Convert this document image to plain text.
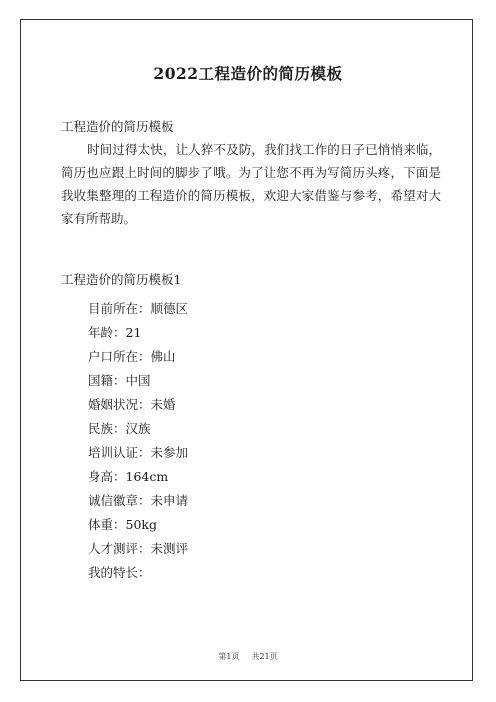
2022工程造价的简历模板
工程造价的简历模板
时间过得太快，让人猝不及防，我们找工作的日子已悄悄来临，简历也应跟上时间的脚步了哦。为了让您不再为写简历头疼，下面是我收集整理的工程造价的简历模板，欢迎大家借鉴与参考，希望对大家有所帮助。
工程造价的简历模板1
目前所在：顺德区
年龄：21
户口所在：佛山
国籍：中国
婚姻状况：未婚
民族：汉族
培训认证：未参加
身高：164cm
诚信徽章：未申请
体重：50kg
人才测评：未测评
我的特长：
第1页 共21页
